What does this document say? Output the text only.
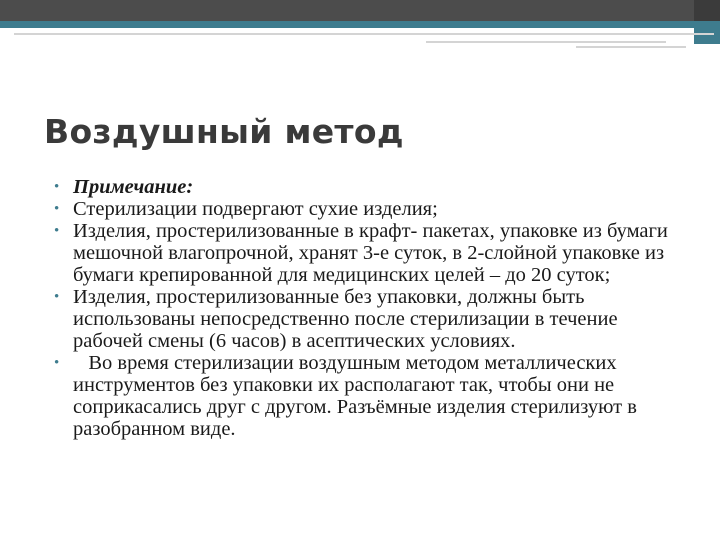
Воздушный метод
• Примечание:
• Стерилизации подвергают сухие изделия;
• Изделия, простерилизованные в крафт- пакетах, упаковке из бумаги мешочной влагопрочной, хранят 3-е суток, в 2-слойной упаковке из бумаги крепированной для медицинских целей – до 20 суток;
• Изделия, простерилизованные без упаковки, должны быть использованы непосредственно после стерилизации в течение рабочей смены (6 часов) в асептических условиях.
• Во время стерилизации воздушным методом металлических инструментов без упаковки их располагают так, чтобы они не соприкасались друг с другом. Разъёмные изделия стерилизуют в разобранном виде.
